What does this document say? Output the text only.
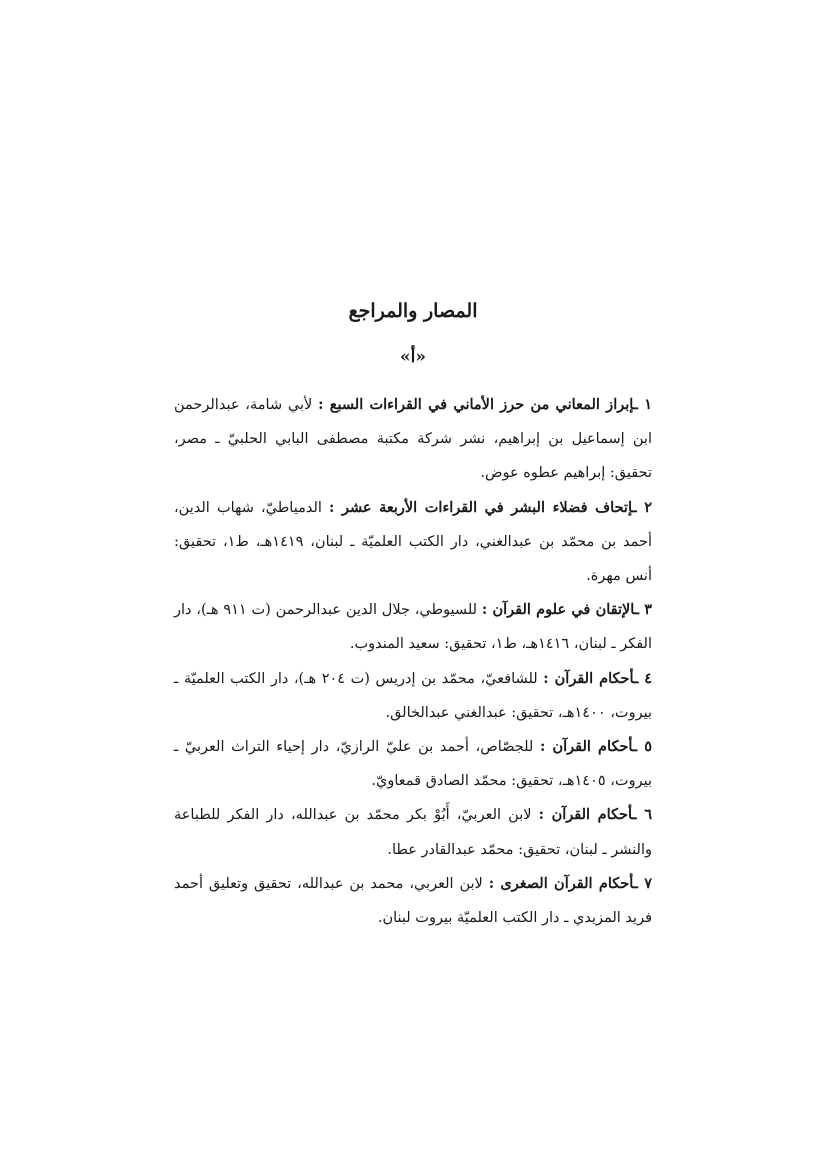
المصار والمراجع
«أ»

١ ـإبراز المعاني من حرز الأماني في القراءات السبع : لأبي شامة، عبدالرحمن ابن إسماعيل بن إبراهيم، نشر شركة مكتبة مصطفى البابي الحلبيّ ـ مصر، تحقيق: إبراهيم عطوه عوض.

٢ ـإتحاف فضلاء البشر في القراءات الأربعة عشر : الدمياطيّ، شهاب الدين، أحمد بن محمّد بن عبدالغني، دار الكتب العلميّة ـ لبنان، ١٤١٩هـ، ط١، تحقيق: أنس مهرة.

٣ ـالإتقان في علوم القرآن : للسيوطي، جلال الدين عبدالرحمن (ت ٩١١ هـ)، دار الفكر ـ لبنان، ١٤١٦هـ، ط١، تحقيق: سعيد المندوب.

٤ ـأحكام القرآن : للشافعيّ، محمّد بن إدريس (ت ٢٠٤ هـ)، دار الكتب العلميّة ـ بيروت، ١٤٠٠هـ، تحقيق: عبدالغني عبدالخالق.

٥ ـأحكام القرآن : للجصّاص، أحمد بن عليّ الرازيّ، دار إحياء التراث العربيّ ـ بيروت، ١٤٠٥هـ، تحقيق: محمّد الصادق قمعاويّ.

٦ ـأحكام القرآن : لابن العربيّ، أَبُوْ بكر محمّد بن عبدالله، دار الفكر للطباعة والنشر ـ لبنان، تحقيق: محمّد عبدالقادر عطا.

٧ ـأحكام القرآن الصغرى : لابن العربي، محمد بن عبدالله، تحقيق وتعليق أحمد فريد المزيدي ـ دار الكتب العلميّة بيروت لبنان.
